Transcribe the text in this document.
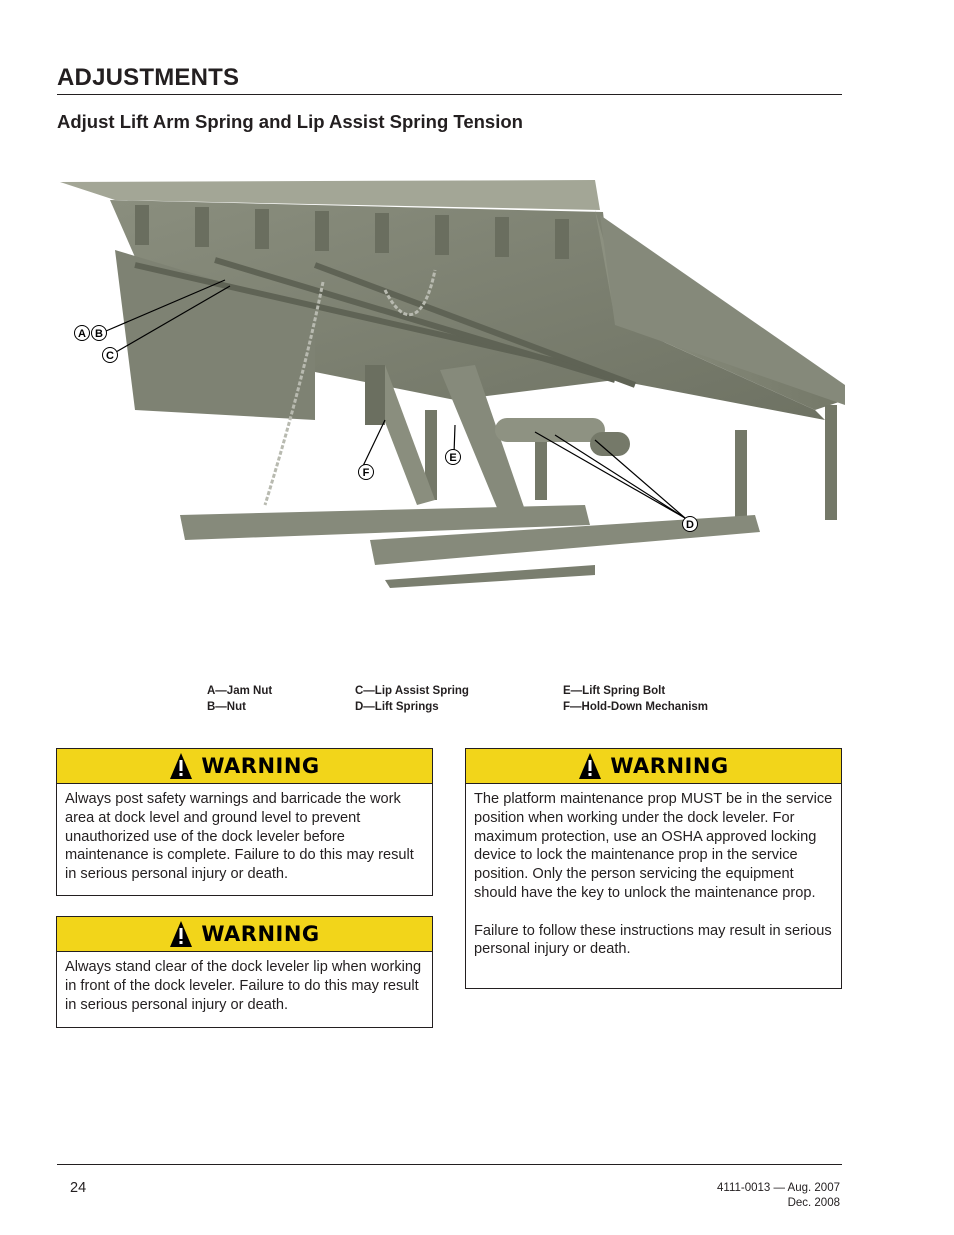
ADJUSTMENTS
Adjust Lift Arm Spring and Lip Assist Spring Tension
A B
C
F
E
D
A—Jam Nut
B—Nut
C—Lip Assist Spring
D—Lift Springs
E—Lift Spring Bolt
F—Hold-Down Mechanism
WARNING
Always post safety warnings and barricade the work area at dock level and ground level to prevent unauthorized use of the dock leveler before maintenance is complete. Failure to do this may result in serious personal injury or death.
WARNING
Always stand clear of the dock leveler lip when working in front of the dock leveler. Failure to do this may result in serious personal injury or death.
WARNING
The platform maintenance prop MUST be in the service position when working under the dock leveler. For maximum protection, use an OSHA approved locking device to lock the maintenance prop in the service position. Only the person servicing the equipment should have the key to unlock the maintenance prop.

Failure to follow these instructions may result in serious personal injury or death.
24	4111-0013 — Aug. 2007
Dec. 2008
